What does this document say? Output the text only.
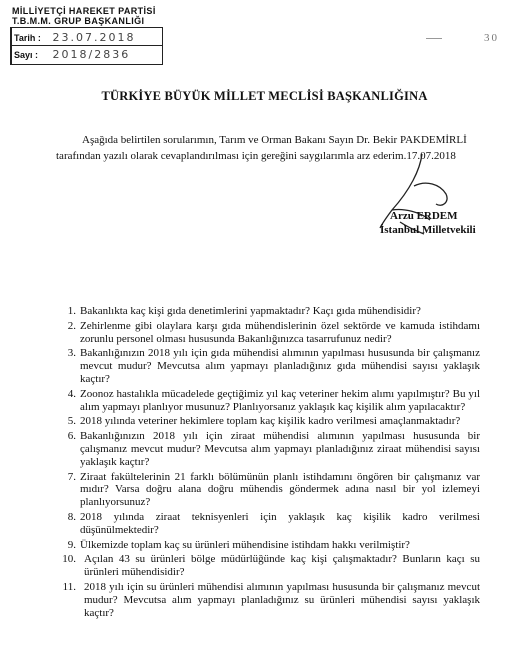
MİLLİYETÇİ HAREKET PARTİSİ
T.B.M.M. GRUP BAŞKANLIĞI
Tarih : 23.07.2018
Sayı : 2018/2836
30
TÜRKİYE BÜYÜK MİLLET MECLİSİ BAŞKANLIĞINA

Aşağıda belirtilen sorularımın, Tarım ve Orman Bakanı Sayın Dr. Bekir PAKDEMİRLİ

tarafından yazılı olarak cevaplandırılması için gereğini saygılarımla arz ederim.17.07.2018

Arzu ERDEM
İstanbul Milletvekili
1. Bakanlıkta kaç kişi gıda denetimlerini yapmaktadır? Kaçı gıda mühendisidir?
2. Zehirlenme gibi olaylara karşı gıda mühendislerinin özel sektörde ve kamuda istihdamı zorunlu personel olması hususunda Bakanlığınızca tasarrufunuz nedir?
3. Bakanlığınızın 2018 yılı için gıda mühendisi alımının yapılması hususunda bir çalışmanız mevcut mudur? Mevcutsa alım yapmayı planladığınız gıda mühendisi sayısı yaklaşık kaçtır?
4. Zoonoz hastalıkla mücadelede geçtiğimiz yıl kaç veteriner hekim alımı yapılmıştır? Bu yıl alım yapmayı planlıyor musunuz? Planlıyorsanız yaklaşık kaç kişilik alım yapılacaktır?
5. 2018 yılında veteriner hekimlere toplam kaç kişilik kadro verilmesi amaçlanmaktadır?
6. Bakanlığınızın 2018 yılı için ziraat mühendisi alımının yapılması hususunda bir çalışmanız mevcut mudur? Mevcutsa alım yapmayı planladığınız ziraat mühendisi sayısı yaklaşık kaçtır?
7. Ziraat fakültelerinin 21 farklı bölümünün planlı istihdamını öngören bir çalışmanız var mıdır? Varsa doğru alana doğru mühendis göndermek adına nasıl bir yol izlemeyi planlıyorsunuz?
8. 2018 yılında ziraat teknisyenleri için yaklaşık kaç kişilik kadro verilmesi düşünülmektedir?
9. Ülkemizde toplam kaç su ürünleri mühendisine istihdam hakkı verilmiştir?
10. Açılan 43 su ürünleri bölge müdürlüğünde kaç kişi çalışmaktadır? Bunların kaçı su ürünleri mühendisidir?
11. 2018 yılı için su ürünleri mühendisi alımının yapılması hususunda bir çalışmanız mevcut mudur? Mevcutsa alım yapmayı planladığınız su ürünleri mühendisi sayısı yaklaşık kaçtır?
